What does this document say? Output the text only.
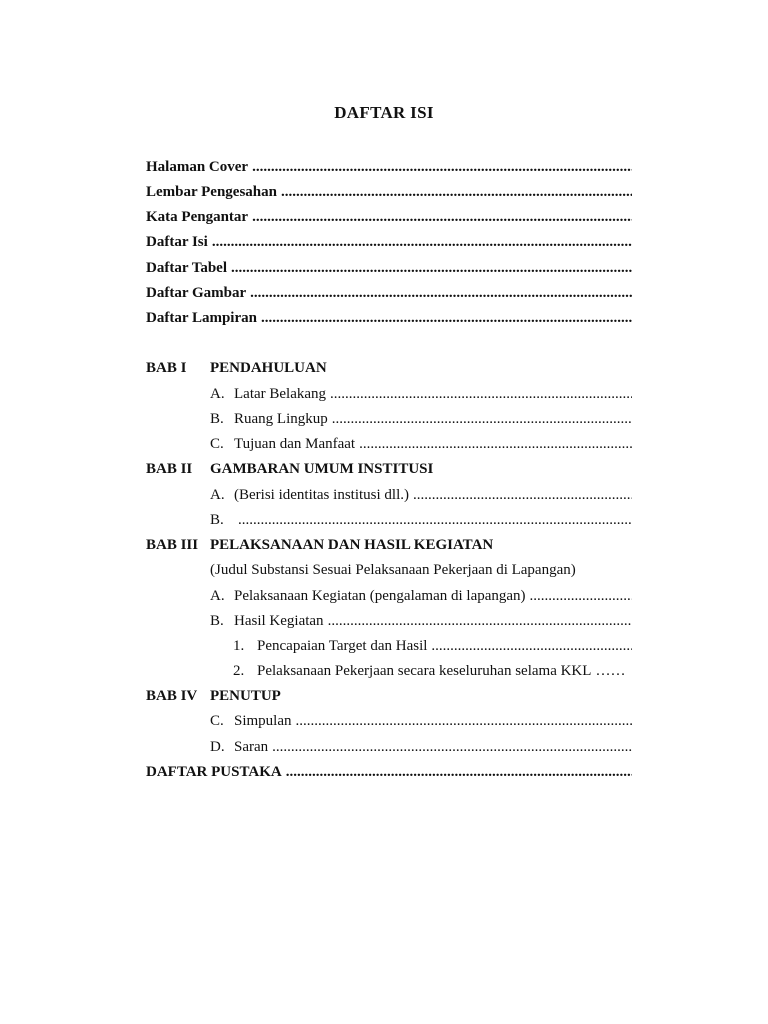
DAFTAR ISI
Halaman Cover
.....
Lembar Pengesahan
.....
Kata Pengantar
.....
Daftar Isi
.....
Daftar Tabel
.....
Daftar Gambar
.....
Daftar Lampiran
.....
BAB I PENDAHULUAN
A. Latar Belakang
.....
B. Ruang Lingkup
.....
C. Tujuan dan Manfaat
.....
BAB II GAMBARAN UMUM INSTITUSI
A. (Berisi identitas institusi dll.)
.....
B.
.....
BAB III PELAKSANAAN DAN HASIL KEGIATAN
(Judul Substansi Sesuai Pelaksanaan Pekerjaan di Lapangan)
A. Pelaksanaan Kegiatan (pengalaman di lapangan)
.....
B. Hasil Kegiatan
.....
1. Pencapaian Target dan Hasil
.....
2. Pelaksanaan Pekerjaan secara keseluruhan selama KKL ……
BAB IV PENUTUP
C. Simpulan
.....
D. Saran
.....
DAFTAR PUSTAKA
.....
